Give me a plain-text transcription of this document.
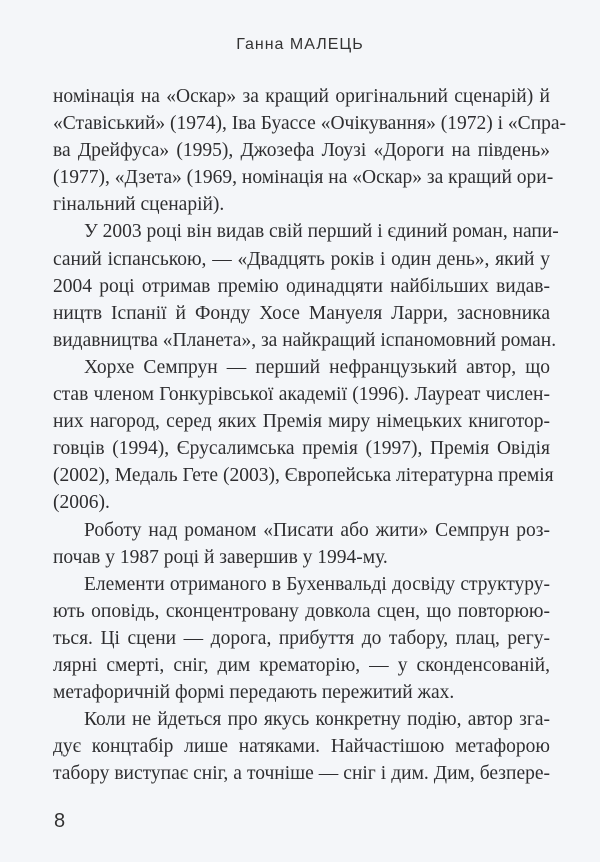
Ганна МАЛЕЦЬ
номінація на «Оскар» за кращий оригінальний сценарій) й
«Ставіський» (1974), Іва Буассе «Очікування» (1972) і «Спра-
ва Дрейфуса» (1995), Джозефа Лоузі «Дороги на південь»
(1977), «Дзета» (1969, номінація на «Оскар» за кращий ори-
гінальний сценарій).
У 2003 році він видав свій перший і єдиний роман, напи-
саний іспанською, — «Двадцять років і один день», який у
2004 році отримав премію одинадцяти найбільших видав-
ництв Іспанії й Фонду Хосе Мануеля Ларри, засновника
видавництва «Планета», за найкращий іспаномовний роман.
Хорхе Семпрун — перший нефранцузький автор, що
став членом Гонкурівської академії (1996). Лауреат числен-
них нагород, серед яких Премія миру німецьких книготор-
говців (1994), Єрусалимська премія (1997), Премія Овідія
(2002), Медаль Гете (2003), Європейська літературна премія
(2006).
Роботу над романом «Писати або жити» Семпрун роз-
почав у 1987 році й завершив у 1994-му.
Елементи отриманого в Бухенвальді досвіду структуру-
ють оповідь, сконцентровану довкола сцен, що повторюю-
ться. Ці сцени — дорога, прибуття до табору, плац, регу-
лярні смерті, сніг, дим крематорію, — у сконденсованій,
метафоричній формі передають пережитий жах.
Коли не йдеться про якусь конкретну подію, автор зга-
дує концтабір лише натяками. Найчастішою метафорою
табору виступає сніг, а точніше — сніг і дим. Дим, безпере-
8
